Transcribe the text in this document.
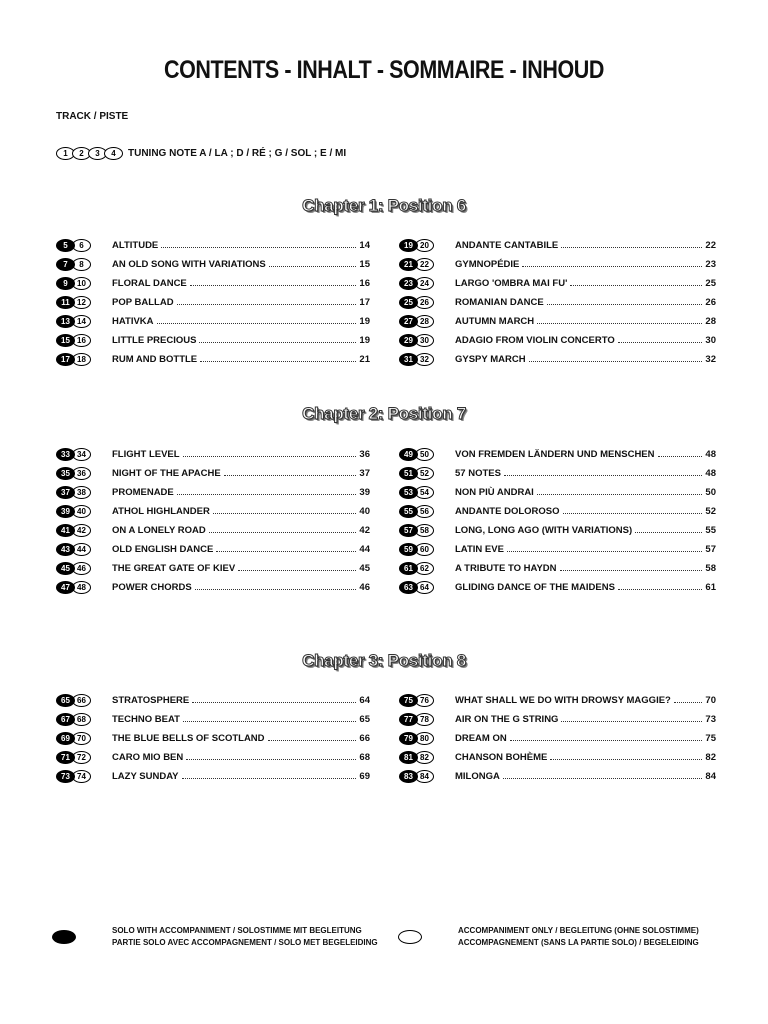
CONTENTS - INHALT - SOMMAIRE - INHOUD
TRACK / PISTE
1	2	3	4	TUNING NOTE A / LA ; D / RÉ ; G / SOL ; E / MI
Chapter 1: Position 6
5	6	ALTITUDE	14
7	8	AN OLD SONG WITH VARIATIONS	15
9	10	FLORAL DANCE	16
11 12	POP BALLAD	17
13 14	HATIVKA	19
15 16	LITTLE PRECIOUS	19
17 18	RUM AND BOTTLE	21
19 20	ANDANTE CANTABILE	22
21 22	GYMNOPÉDIE	23
23 24	LARGO 'OMBRA MAI FU'	25
25 26	ROMANIAN DANCE	26
27 28	AUTUMN MARCH	28
29 30	ADAGIO FROM VIOLIN CONCERTO	30
31 32	GYSPY MARCH	32
Chapter 2: Position 7
33 34	FLIGHT LEVEL	36
35 36	NIGHT OF THE APACHE	37
37 38	PROMENADE	39
39 40	ATHOL HIGHLANDER	40
41 42	ON A LONELY ROAD	42
43 44	OLD ENGLISH DANCE	44
45 46	THE GREAT GATE OF KIEV	45
47 48	POWER CHORDS	46
49 50	VON FREMDEN LÄNDERN UND MENSCHEN	48
51 52	57 NOTES	48
53 54	NON PIÙ ANDRAI	50
55 56	ANDANTE DOLOROSO	52
57 58	LONG, LONG AGO (WITH VARIATIONS)	55
59 60	LATIN EVE	57
61 62	A TRIBUTE TO HAYDN	58
63 64	GLIDING DANCE OF THE MAIDENS	61
Chapter 3: Position 8
65 66	STRATOSPHERE	64
67 68	TECHNO BEAT	65
69 70	THE BLUE BELLS OF SCOTLAND	66
71 72	CARO MIO BEN	68
73 74	LAZY SUNDAY	69
75 76	WHAT SHALL WE DO WITH DROWSY MAGGIE?	70
77 78	AIR ON THE G STRING	73
79 80	DREAM ON	75
81 82	CHANSON BOHÈME	82
83 84	MILONGA	84
SOLO WITH ACCOMPANIMENT / SOLOSTIMME MIT BEGLEITUNG
PARTIE SOLO AVEC ACCOMPAGNEMENT / SOLO MET BEGELEIDING
ACCOMPANIMENT ONLY / BEGLEITUNG (OHNE SOLOSTIMME)
ACCOMPAGNEMENT (SANS LA PARTIE SOLO) / BEGELEIDING
